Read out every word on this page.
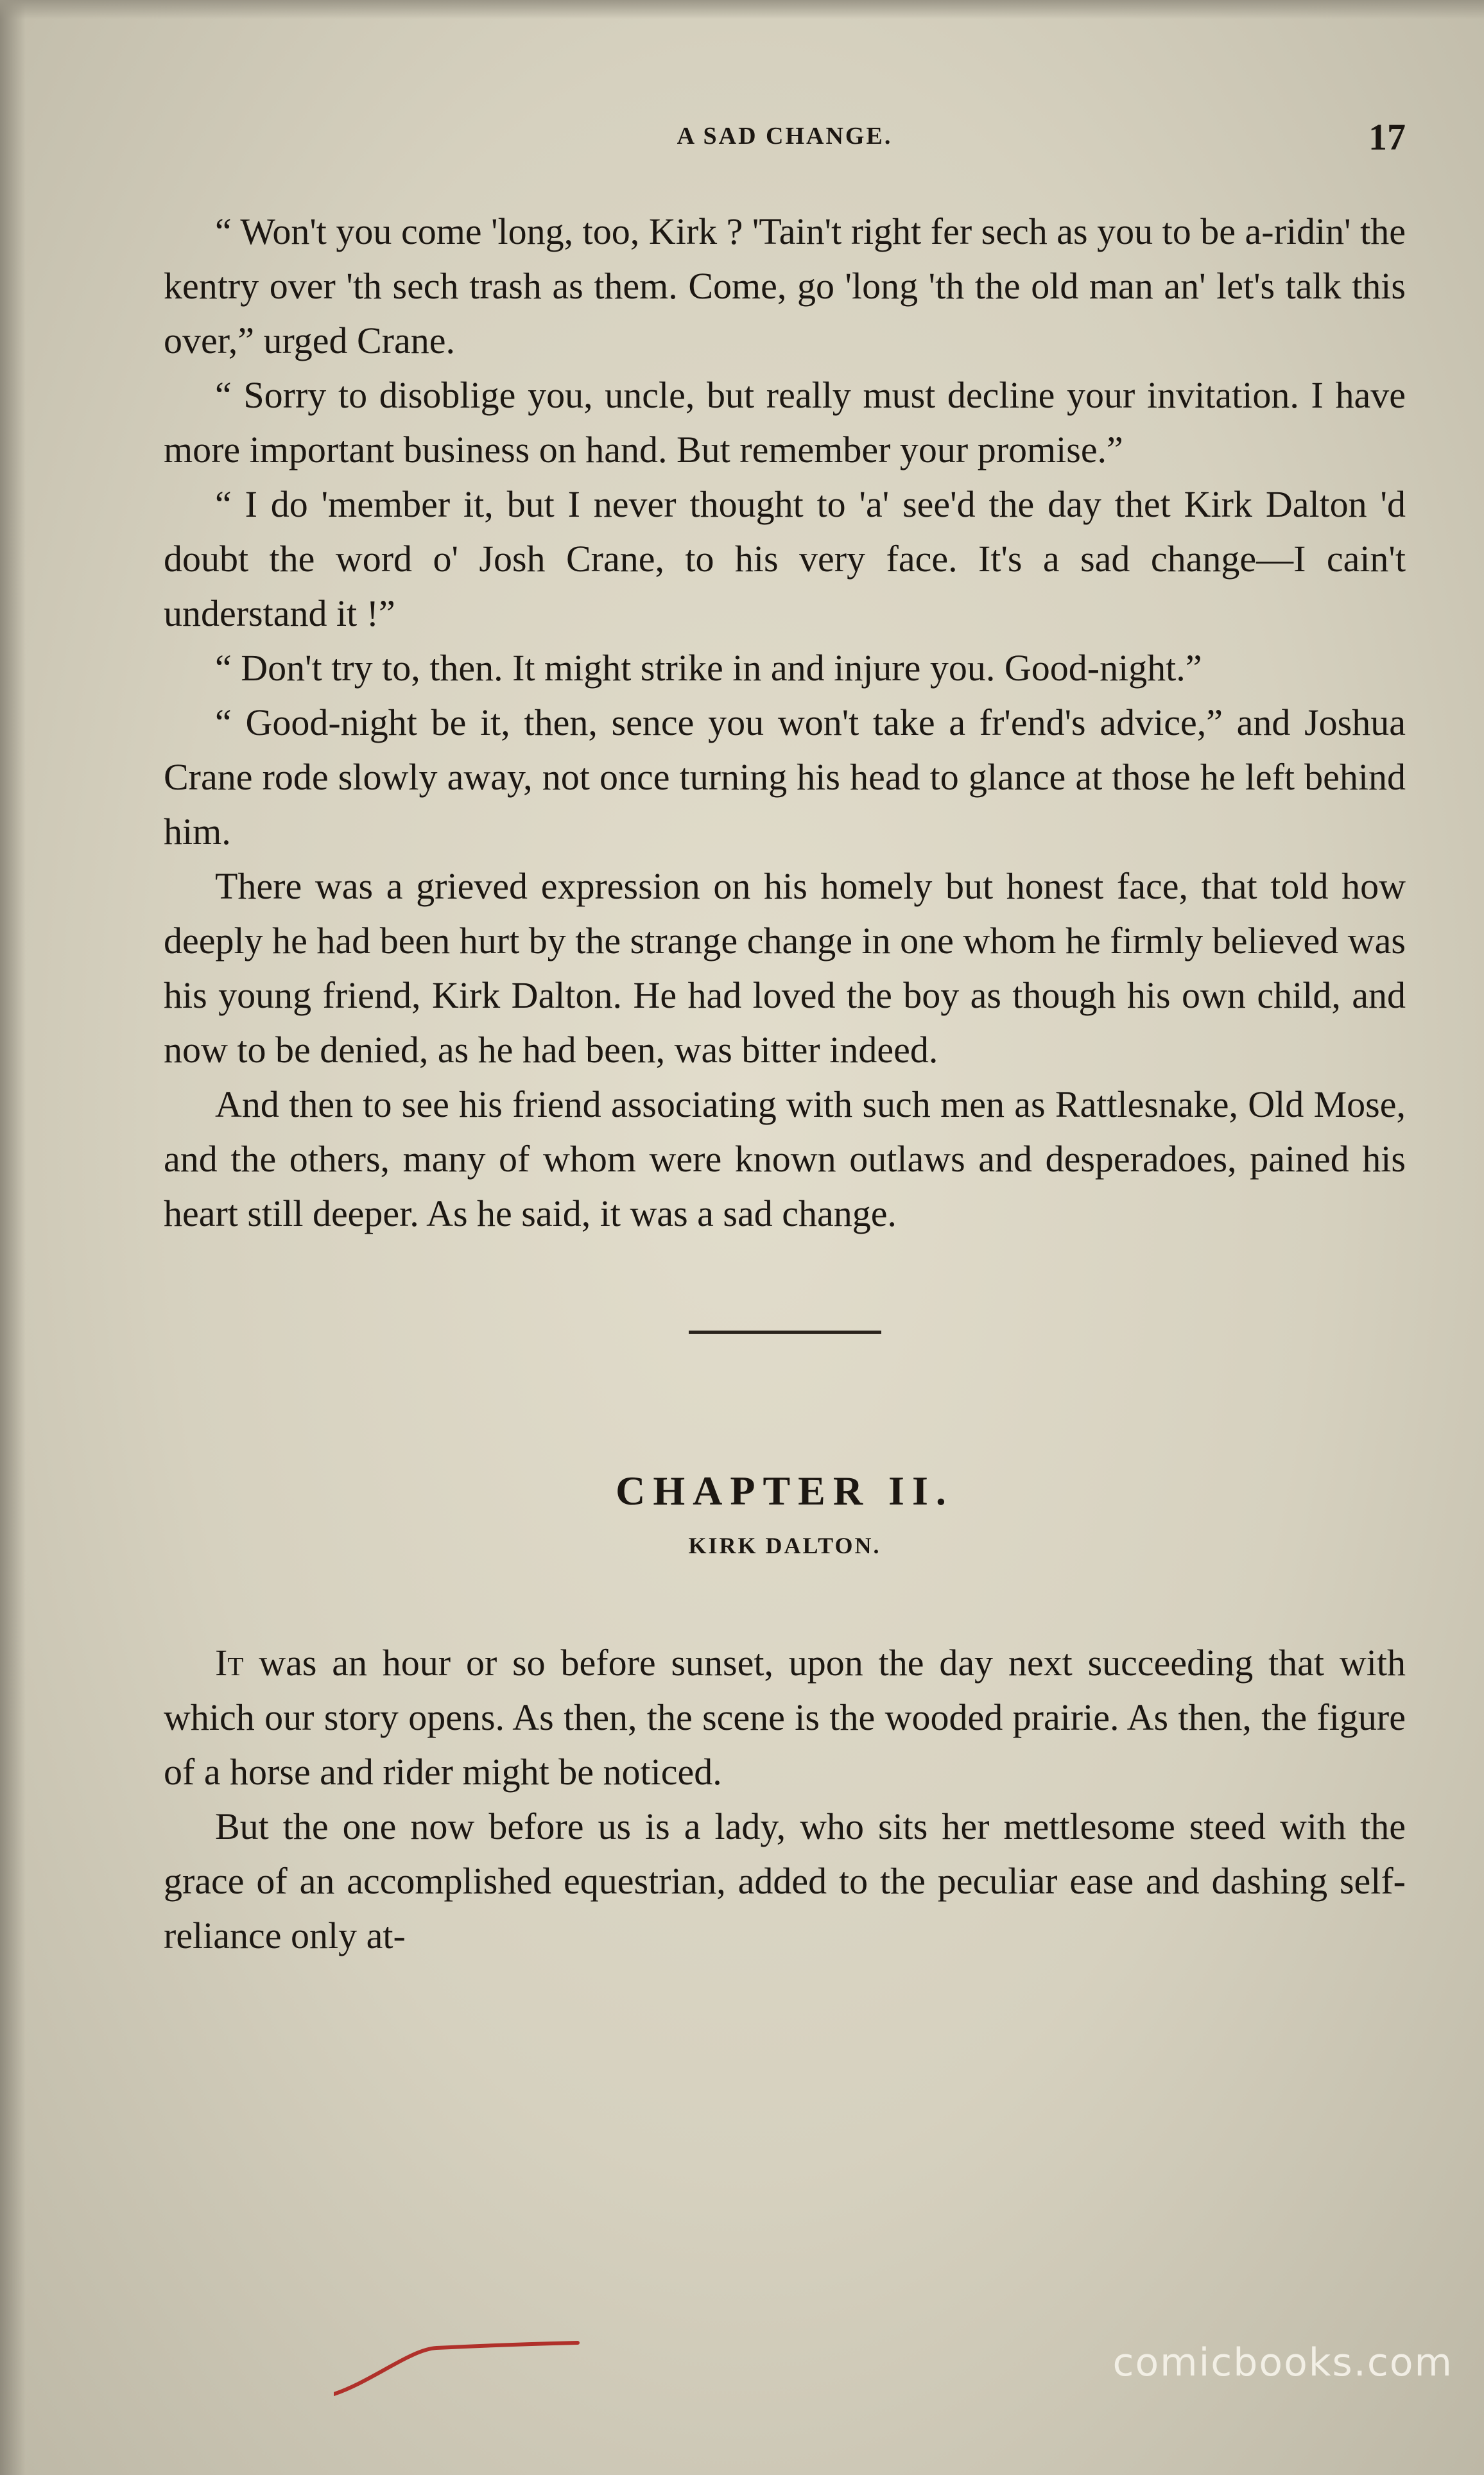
A SAD CHANGE.	17

“ Won't you come 'long, too, Kirk ? 'Tain't right fer sech as you to be a-ridin' the kentry over 'th sech trash as them. Come, go 'long 'th the old man an' let's talk this over,” urged Crane.

“ Sorry to disoblige you, uncle, but really must decline your invitation. I have more important business on hand. But remember your promise.”

“ I do 'member it, but I never thought to 'a' see'd the day thet Kirk Dalton 'd doubt the word o' Josh Crane, to his very face. It's a sad change—I cain't understand it !”

“ Don't try to, then. It might strike in and injure you. Good-night.”

“ Good-night be it, then, sence you won't take a fr'end's advice,” and Joshua Crane rode slowly away, not once turning his head to glance at those he left behind him.

There was a grieved expression on his homely but honest face, that told how deeply he had been hurt by the strange change in one whom he firmly believed was his young friend, Kirk Dalton. He had loved the boy as though his own child, and now to be denied, as he had been, was bitter indeed.

And then to see his friend associating with such men as Rattlesnake, Old Mose, and the others, many of whom were known outlaws and desperadoes, pained his heart still deeper. As he said, it was a sad change.

CHAPTER II.
KIRK DALTON.

It was an hour or so before sunset, upon the day next succeeding that with which our story opens. As then, the scene is the wooded prairie. As then, the figure of a horse and rider might be noticed.

But the one now before us is a lady, who sits her mettlesome steed with the grace of an accomplished equestrian, added to the peculiar ease and dashing self-reliance only at-

comicbooks.com
